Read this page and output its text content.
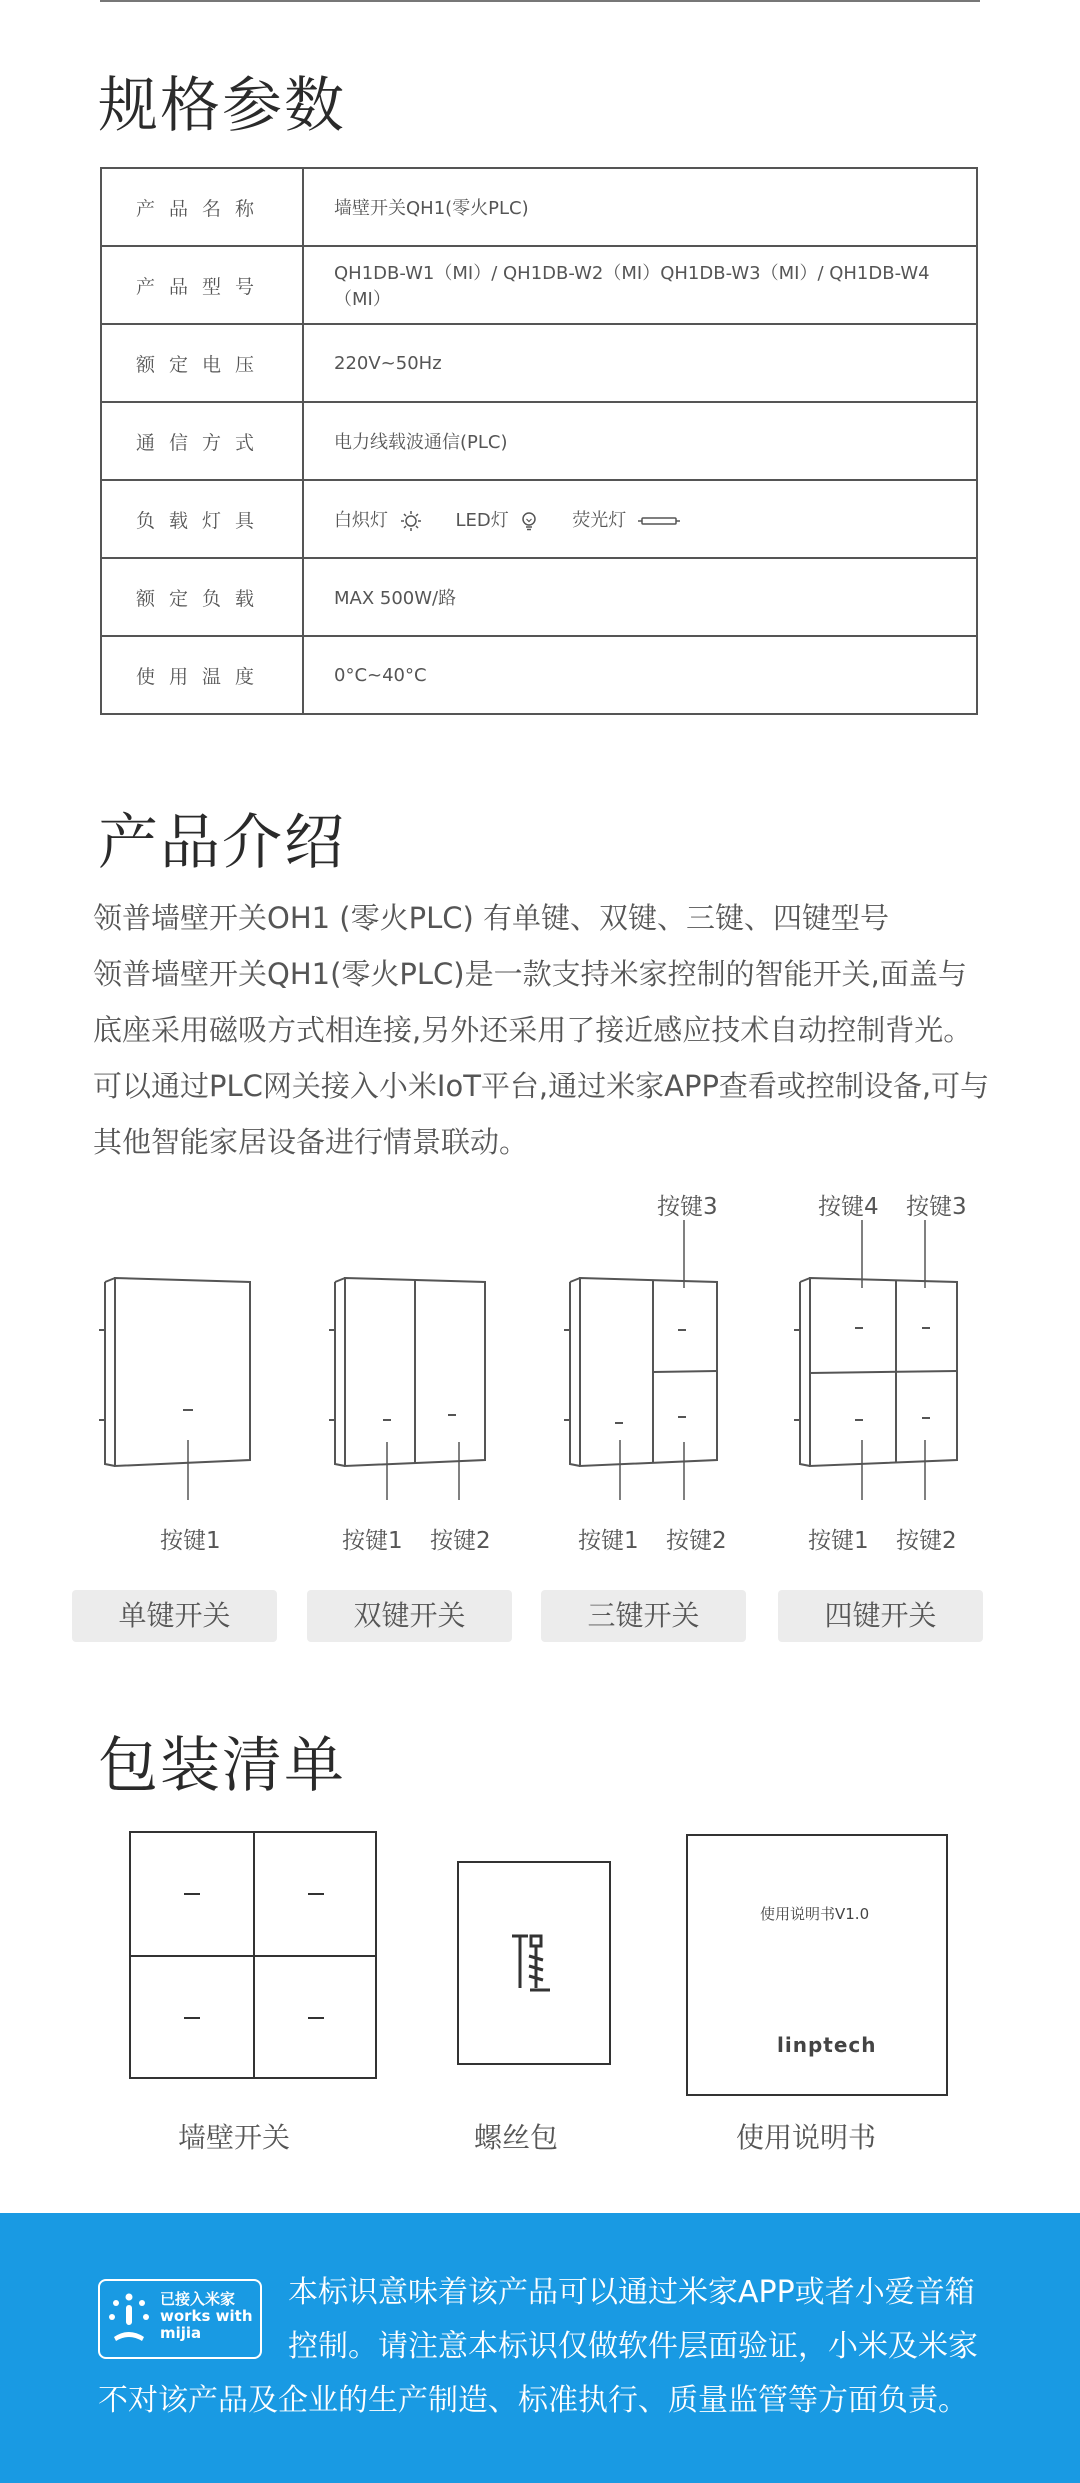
规格参数
产品名称	墙壁开关QH1(零火PLC)
产品型号	QH1DB-W1（MI）/ QH1DB-W2（MI）QH1DB-W3（MI）/ QH1DB-W4（MI）
额定电压	220V~50Hz
通信方式	电力线载波通信(PLC)
负载灯具	白炽灯 LED灯 荧光灯
额定负载	MAX 500W/路
使用温度	0°C~40°C
产品介绍

领普墙壁开关OH1 (零火PLC) 有单键、双键、三键、四键型号

领普墙壁开关QH1(零火PLC)是一款支持米家控制的智能开关,面盖与底座采用磁吸方式相连接,另外还采用了接近感应技术自动控制背光。可以通过PLC网关接入小米IoT平台,通过米家APP查看或控制设备,可与其他智能家居设备进行情景联动。

按键3	按键4 按键3
按键1	按键1 按键2	按键1 按键2	按键1 按键2
单键开关	双键开关	三键开关	四键开关
包装清单
使用说明书V1.0
linptech
墙壁开关	螺丝包	使用说明书
已接入米家
works with
mijia
本标识意味着该产品可以通过米家APP或者小爱音箱
控制。请注意本标识仅做软件层面验证，小米及米家
不对该产品及企业的生产制造、标准执行、质量监管等方面负责。
